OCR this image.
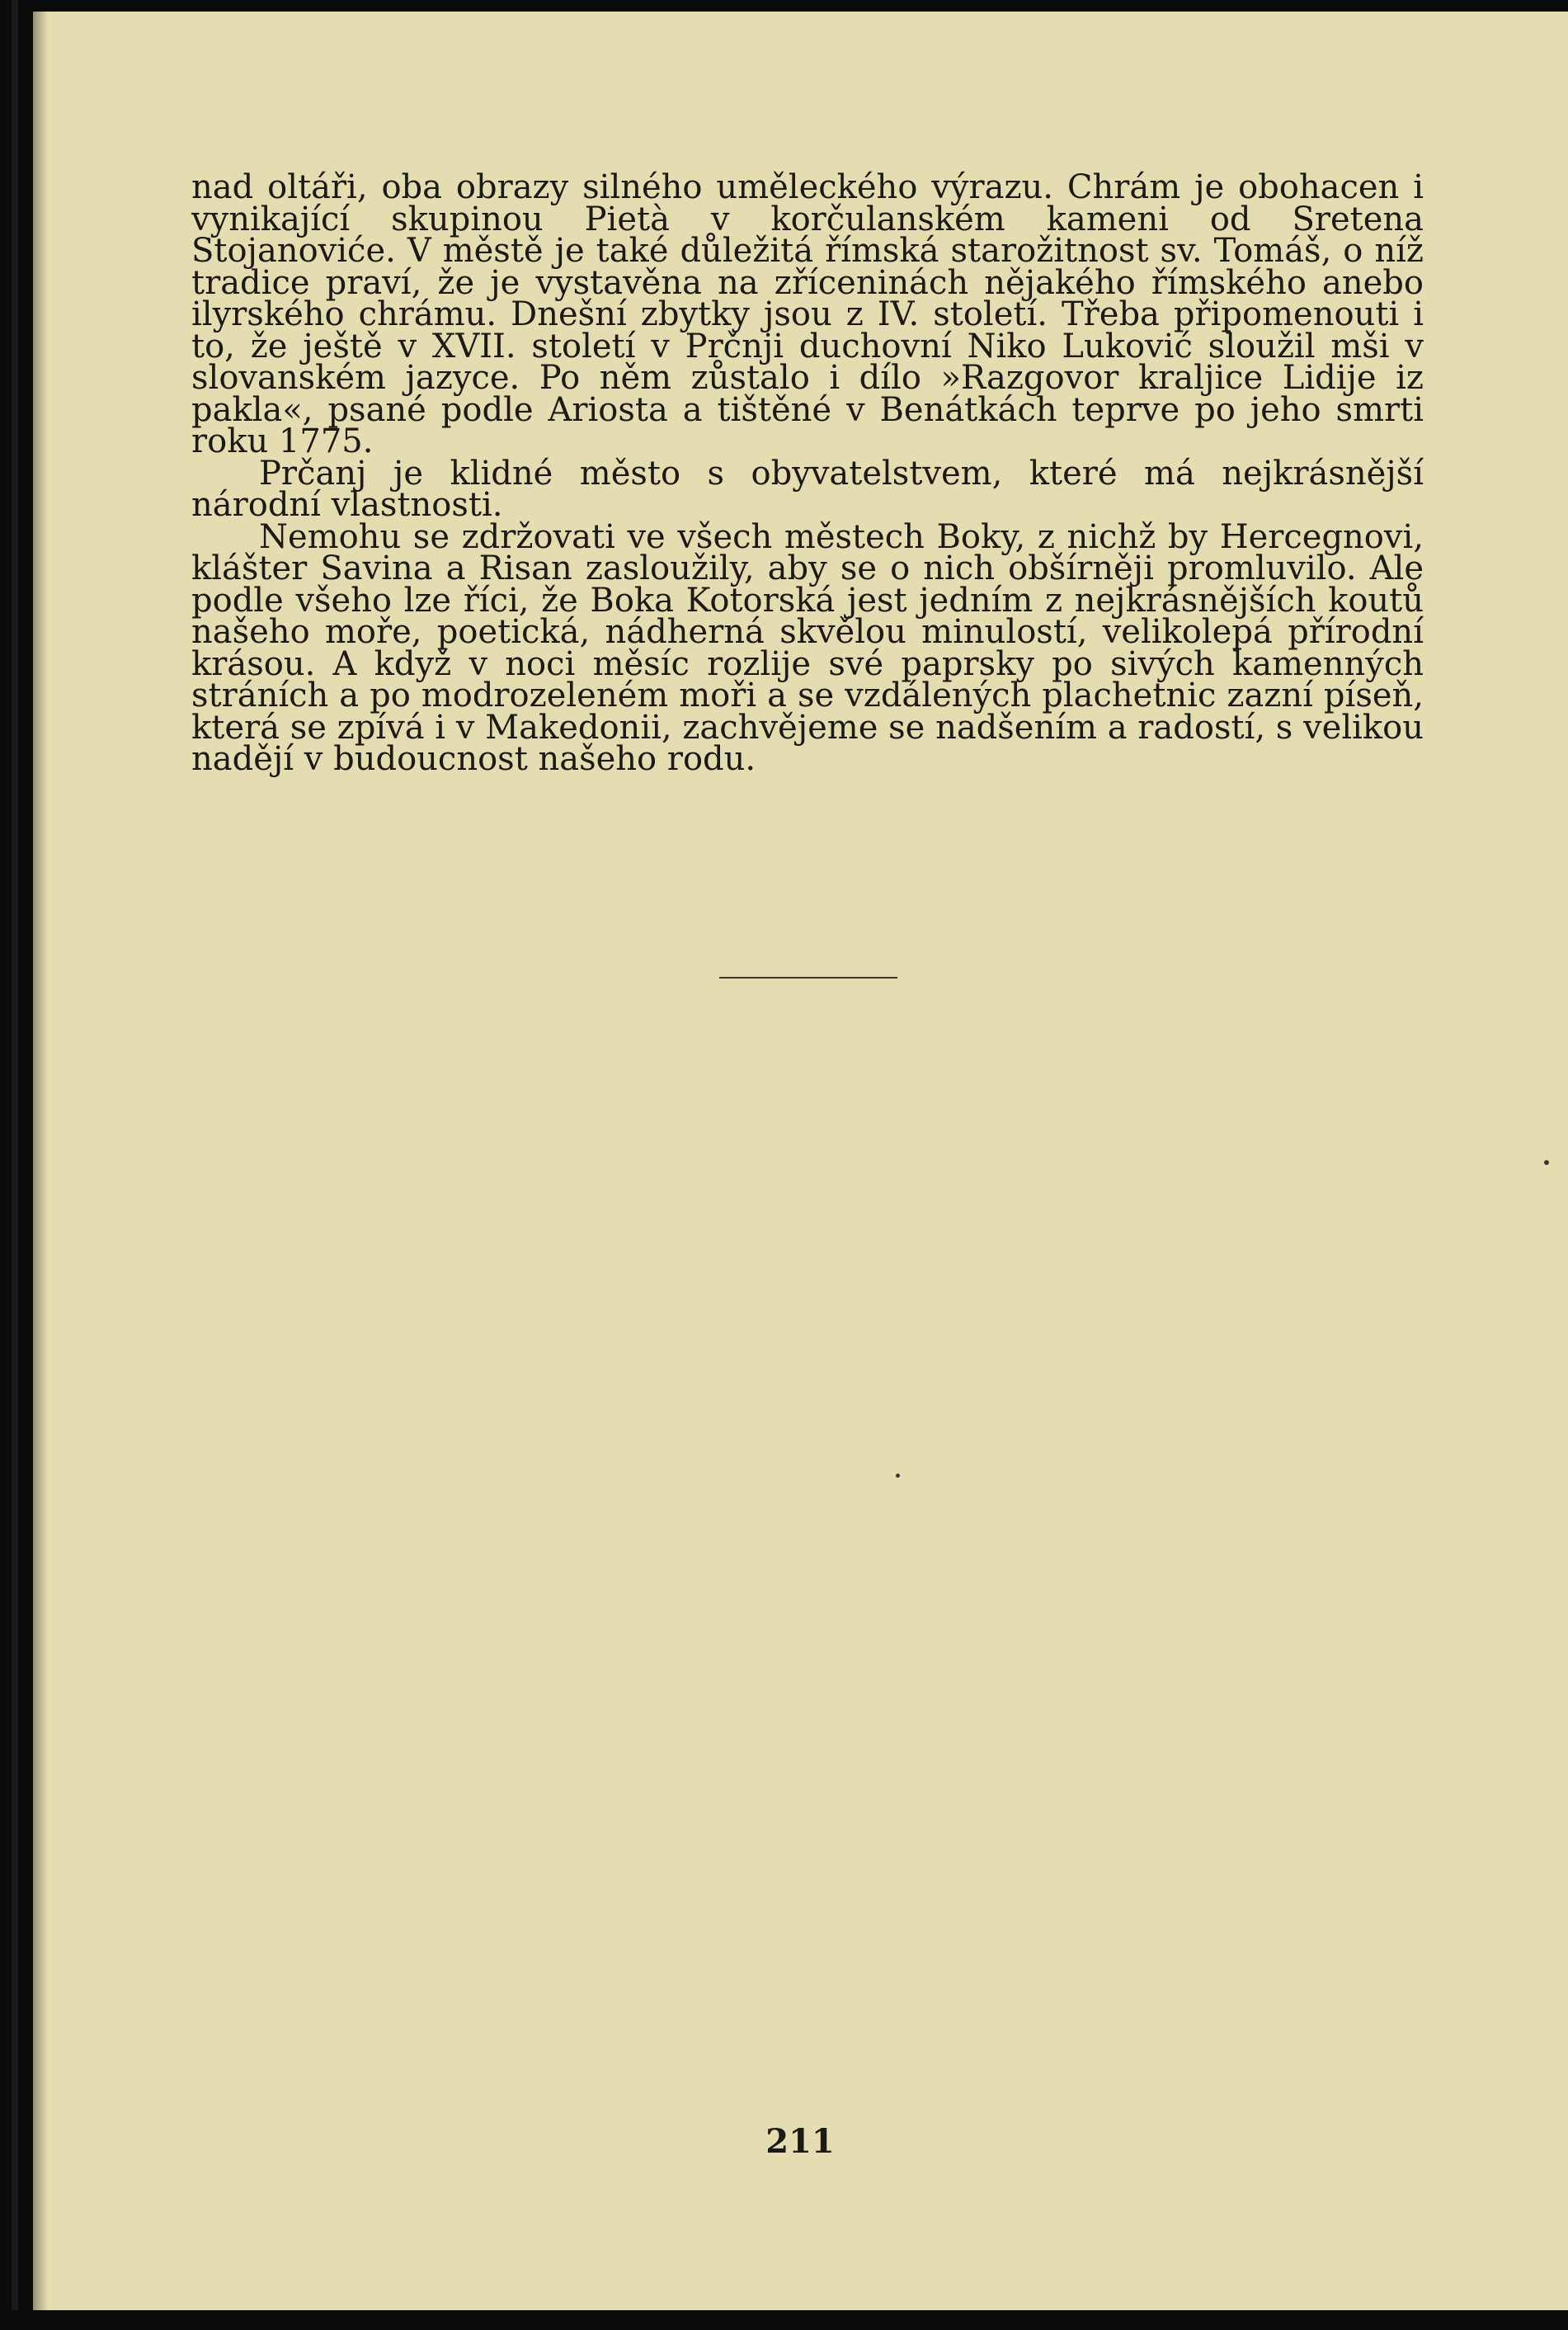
nad oltáři, oba obrazy silného uměleckého výrazu. Chrám je obohacen i vynikající skupinou Pietà v korčulanském kameni od Sretena Stojanoviće. V městě je také důležitá římská starožitnost sv. Tomáš, o níž tradice praví, že je vystavěna na zříceninách nějakého římského anebo ilyrského chrámu. Dnešní zbytky jsou z IV. století. Třeba připomenouti i to, že ještě v XVII. století v Prčnji duchovní Niko Luković sloužil mši v slovanském jazyce. Po něm zůstalo i dílo »Razgovor kraljice Lidije iz pakla«, psané podle Ariosta a tištěné v Benátkách teprve po jeho smrti roku 1775.

Prčanj je klidné město s obyvatelstvem, které má nejkrásnější národní vlastnosti.

Nemohu se zdržovati ve všech městech Boky, z nichž by Hercegnovi, klášter Savina a Risan zasloužily, aby se o nich obšírněji promluvilo. Ale podle všeho lze říci, že Boka Kotorská jest jedním z nejkrásnějších koutů našeho moře, poetická, nádherná skvělou minulostí, velikolepá přírodní krásou. A když v noci měsíc rozlije své paprsky po sivých kamenných stráních a po modrozeleném moři a se vzdálených plachetnic zazní píseň, která se zpívá i v Makedonii, zachvějeme se nadšením a radostí, s velikou nadějí v budoucnost našeho rodu.

211
